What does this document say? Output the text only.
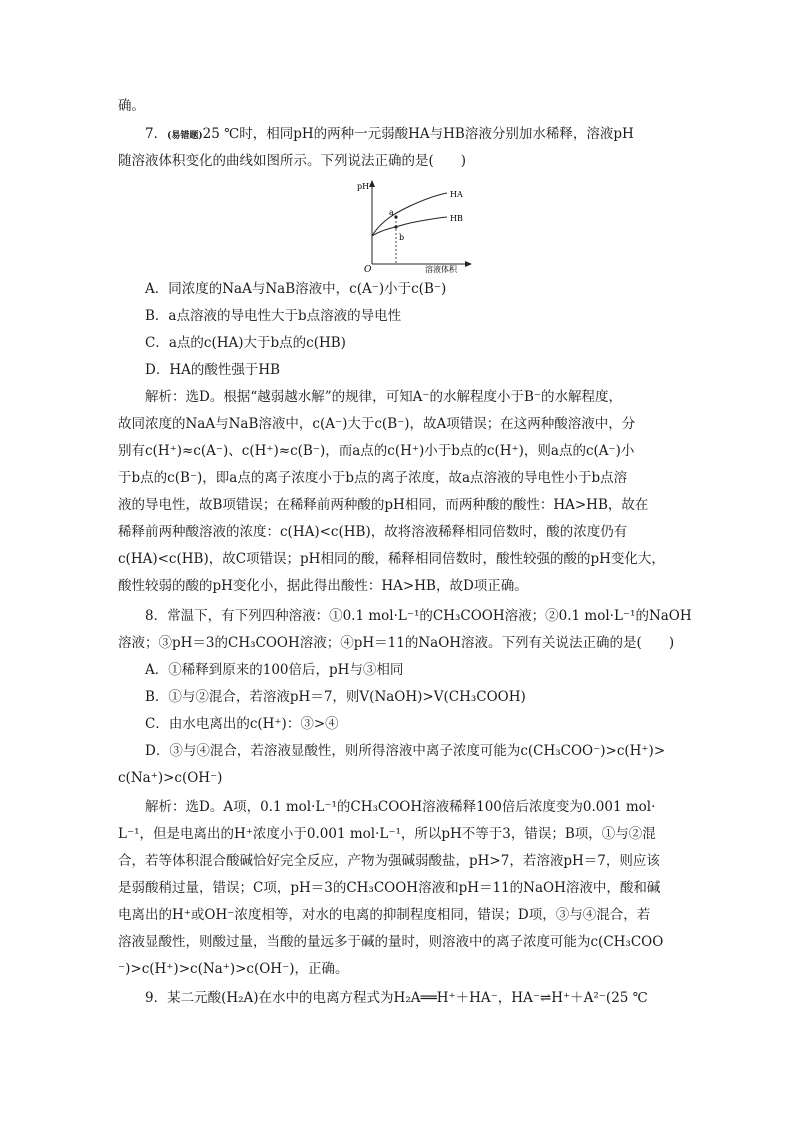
确。
7．(易错题)25 ℃时，相同pH的两种一元弱酸HA与HB溶液分别加水稀释，溶液pH
随溶液体积变化的曲线如图所示。下列说法正确的是(　　)
pH
O	溶液体积
HA
HB
a
b
A．同浓度的NaA与NaB溶液中，c(A⁻)小于c(B⁻)
B．a点溶液的导电性大于b点溶液的导电性
C．a点的c(HA)大于b点的c(HB)
D．HA的酸性强于HB
解析：选D。根据“越弱越水解”的规律，可知A⁻的水解程度小于B⁻的水解程度，
故同浓度的NaA与NaB溶液中，c(A⁻)大于c(B⁻)，故A项错误；在这两种酸溶液中，分
别有c(H⁺)≈c(A⁻)、c(H⁺)≈c(B⁻)，而a点的c(H⁺)小于b点的c(H⁺)，则a点的c(A⁻)小
于b点的c(B⁻)，即a点的离子浓度小于b点的离子浓度，故a点溶液的导电性小于b点溶
液的导电性，故B项错误；在稀释前两种酸的pH相同，而两种酸的酸性：HA>HB，故在
稀释前两种酸溶液的浓度：c(HA)<c(HB)，故将溶液稀释相同倍数时，酸的浓度仍有
c(HA)<c(HB)，故C项错误；pH相同的酸，稀释相同倍数时，酸性较强的酸的pH变化大，
酸性较弱的酸的pH变化小，据此得出酸性：HA>HB，故D项正确。
8．常温下，有下列四种溶液：①0.1 mol·L⁻¹的CH₃COOH溶液；②0.1 mol·L⁻¹的NaOH
溶液；③pH＝3的CH₃COOH溶液；④pH＝11的NaOH溶液。下列有关说法正确的是(　　)
A．①稀释到原来的100倍后，pH与③相同
B．①与②混合，若溶液pH＝7，则V(NaOH)>V(CH₃COOH)
C．由水电离出的c(H⁺)：③>④
D．③与④混合，若溶液显酸性，则所得溶液中离子浓度可能为c(CH₃COO⁻)>c(H⁺)>
c(Na⁺)>c(OH⁻)
解析：选D。A项，0.1 mol·L⁻¹的CH₃COOH溶液稀释100倍后浓度变为0.001 mol·
L⁻¹，但是电离出的H⁺浓度小于0.001 mol·L⁻¹，所以pH不等于3，错误；B项，①与②混
合，若等体积混合酸碱恰好完全反应，产物为强碱弱酸盐，pH>7，若溶液pH＝7，则应该
是弱酸稍过量，错误；C项，pH＝3的CH₃COOH溶液和pH＝11的NaOH溶液中，酸和碱
电离出的H⁺或OH⁻浓度相等，对水的电离的抑制程度相同，错误；D项，③与④混合，若
溶液显酸性，则酸过量，当酸的量远多于碱的量时，则溶液中的离子浓度可能为c(CH₃COO
⁻)>c(H⁺)>c(Na⁺)>c(OH⁻)，正确。
9．某二元酸(H₂A)在水中的电离方程式为H₂A══H⁺＋HA⁻，HA⁻⇌H⁺＋A²⁻(25 ℃
